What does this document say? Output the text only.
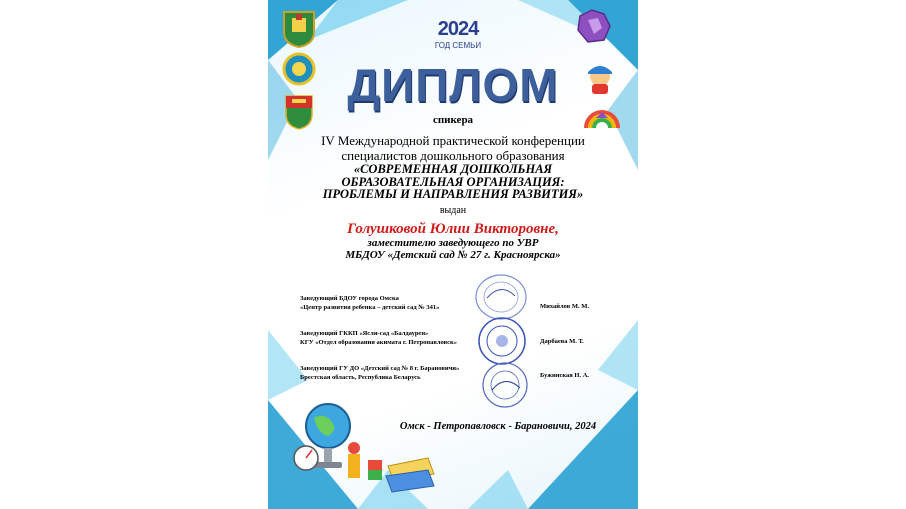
2024
ГОД СЕМЬИ
ДИПЛОМ
спикера
IV Международной практической конференции
специалистов дошкольного образования
«СОВРЕМЕННАЯ ДОШКОЛЬНАЯ
ОБРАЗОВАТЕЛЬНАЯ ОРГАНИЗАЦИЯ:
ПРОБЛЕМЫ И НАПРАВЛЕНИЯ РАЗВИТИЯ»
выдан
Голушковой Юлии Викторовне,
заместителю заведующего по УВР
МБДОУ «Детский сад № 27 г. Красноярска»
Заведующий БДОУ города Омска
«Центр развития ребенка – детский сад № 341»	Михайлов М. М.
Заведующий ГККП «Ясли-сад «Балдаурен»
КГУ «Отдел образования акимата г. Петропавловск»	Дарбаева М. Т.
Заведующий ГУ ДО «Детский сад № 8 г. Барановичи»
Брестская область, Республика Беларусь	Бужинская Н. А.
Омск - Петропавловск - Барановичи, 2024
